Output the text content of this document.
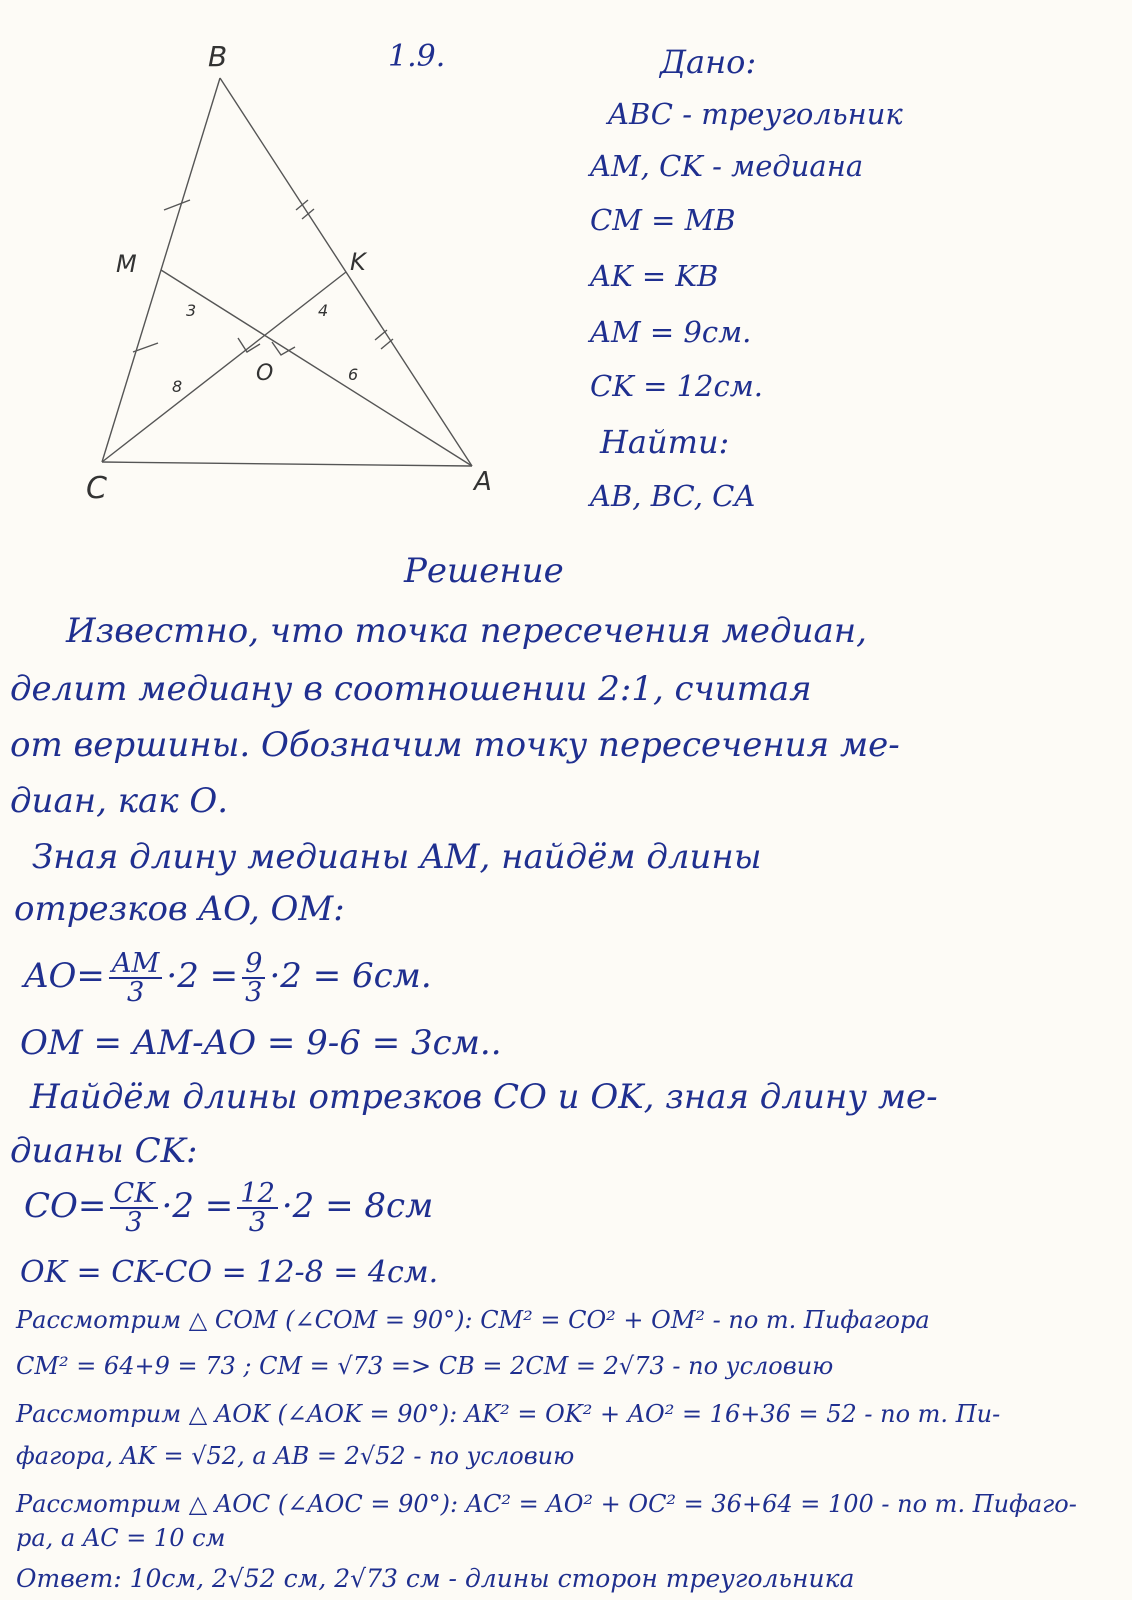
B
M	K
O
C	A
3	4
8
6
1.9.	Дано:
ABC - треугольник
AM, CK - медиана
CM = MB
AK = KB
AM = 9см.
CK = 12см.
Найти:
AB, BC, CA
Решение
Известно, что точка пересечения медиан,
делит медиану в соотношении 2:1, считая
от вершины. Обозначим точку пересечения ме-
диан, как О.
Зная длину медианы AM, найдём длины
отрезков AO, OM:
$AO= \frac{AM}{3} \cdot 2 = \frac{9}{3} \cdot 2 = 6см$.
OM = AM-AO = 9-6 = 3см..
Найдём длины отрезков CO и OK, зная длину ме-
дианы CK:
$CO= \frac{CK}{3} \cdot 2 = \frac{12}{3} \cdot 2 = 8см$
OK = CK-CO = 12-8 = 4см.
Рассмотрим △ COM (∠COM = 90°): CM² = CO² + OM² - по т. Пифагора
CM² = 64+9 = 73 ; CM = √73 => CB = 2CM = 2√73 - по условию
Рассмотрим △ AOK (∠AOK = 90°): AK² = OK² + AO² = 16+36 = 52 - по т. Пи-
фагора, AK = √52, а AB = 2√52 - по условию
Рассмотрим △ AOC (∠AOC = 90°): AC² = AO² + OC² = 36+64 = 100 - по т. Пифаго-
ра, а AC = 10 см
Ответ: 10см, 2√52 см, 2√73 см - длины сторон треугольника
